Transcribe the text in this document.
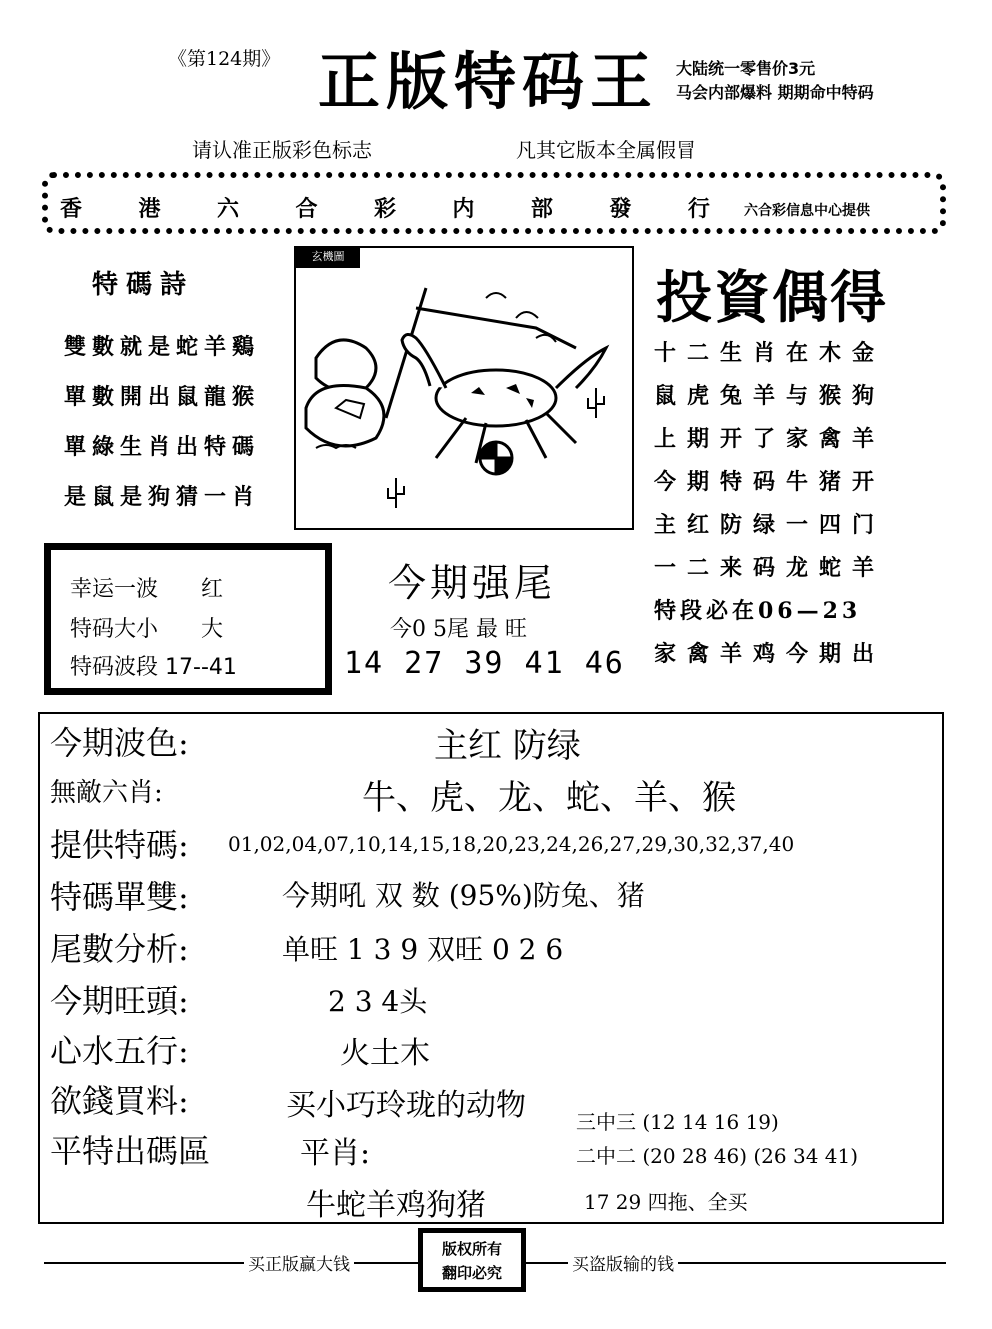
《第124期》 正版特码王 大陆统一零售价3元
马会内部爆料 期期命中特码
请认准正版彩色标志	凡其它版本全属假冒
香	港	六	合	彩	内	部	發	行 六合彩信息中心提供
特碼詩
雙數就是蛇羊鷄
單數開出鼠龍猴
單綠生肖出特碼
是鼠是狗猜一肖
玄機圖
投資偶得
十二生肖在木金
鼠虎兔羊与猴狗
上期开了家禽羊
今期特码牛猪开
主红防绿一四门
一二来码龙蛇羊
特段必在06—23
家禽羊鸡今期出
幸运一波 红
特码大小 大
特码波段 17--41
今期强尾
今0 5尾 最 旺
14 27 39 41 46
今期波色:	主红 防绿
無敵六肖:	牛、虎、龙、蛇、羊、猴
提供特碼: 01,02,04,07,10,14,15,18,20,23,24,26,27,29,30,32,37,40
特碼單雙:	今期吼 双 数 (95%)防兔、猪
尾數分析:	单旺 1 3 9 双旺 0 2 6
今期旺頭:	2 3 4头
心水五行:	火土木
欲錢買料:	买小巧玲珑的动物
平特出碼區	平肖:
牛蛇羊鸡狗猪
三中三 (12 14 16 19)
二中二 (20 28 46) (26 34 41)
17 29 四拖、全买
买正版赢大钱	买盗版输的钱
版权所有
翻印必究
